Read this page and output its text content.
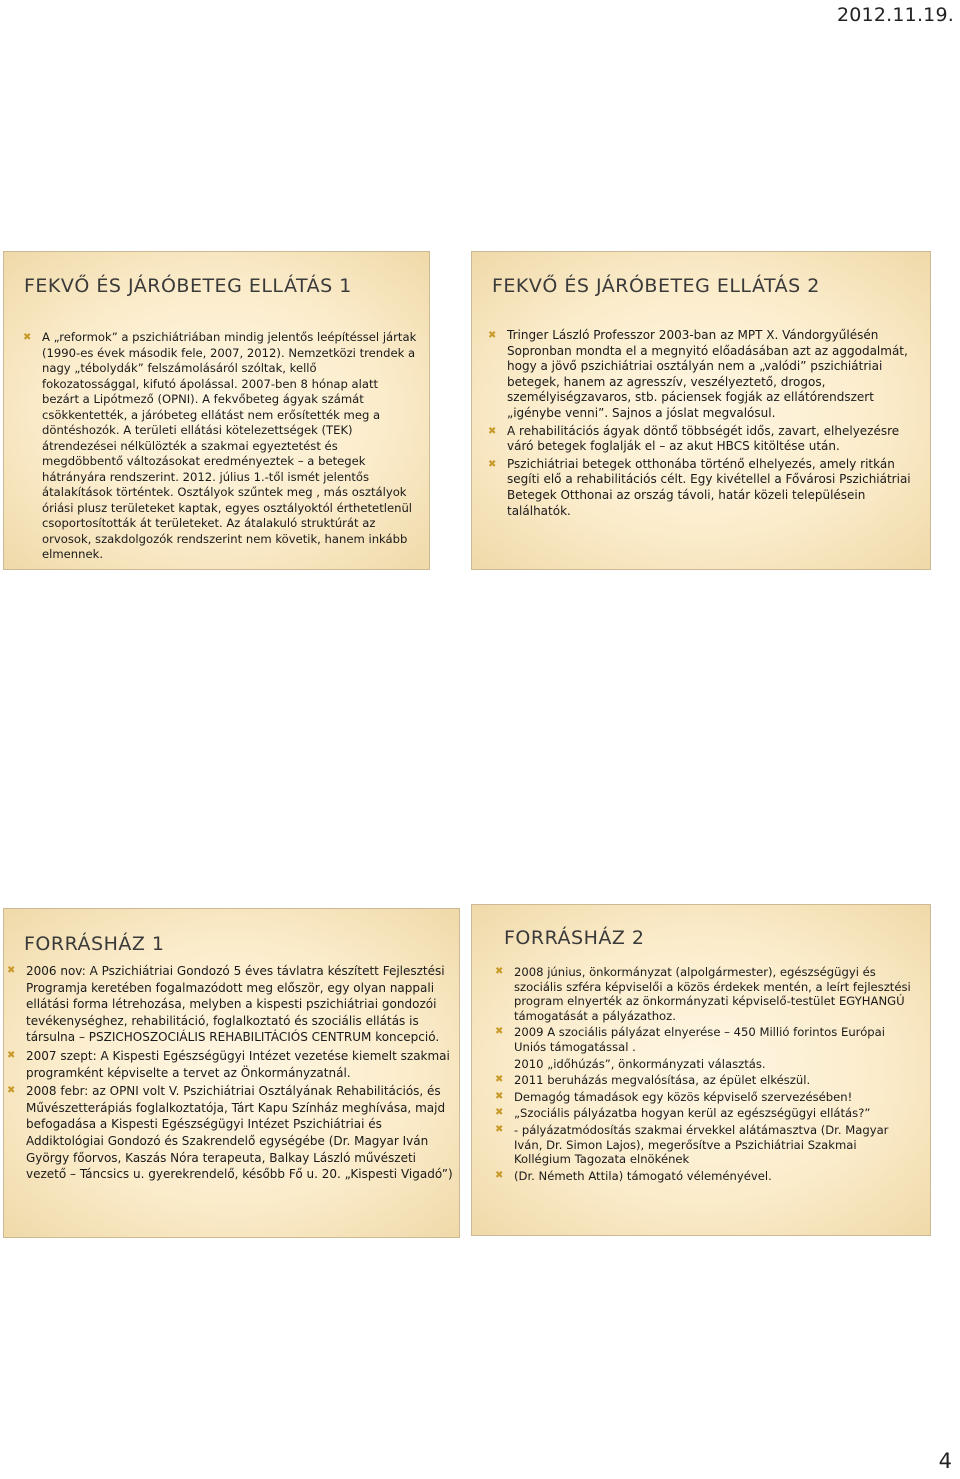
2012.11.19.
FEKVŐ ÉS JÁRÓBETEG ELLÁTÁS 1
✖ A „reformok” a pszichiátriában mindig jelentős leépítéssel jártak (1990-es évek második fele, 2007, 2012). Nemzetközi trendek a nagy „tébolydák” felszámolásáról szóltak, kellő fokozatossággal, kifutó ápolással. 2007-ben 8 hónap alatt bezárt a Lipótmező (OPNI). A fekvőbeteg ágyak számát csökkentették, a járóbeteg ellátást nem erősítették meg a döntéshozók. A területi ellátási kötelezettségek (TEK) átrendezései nélkülözték a szakmai egyeztetést és megdöbbentő változásokat eredményeztek – a betegek hátrányára rendszerint. 2012. július 1.-től ismét jelentős átalakítások történtek. Osztályok szűntek meg , más osztályok óriási plusz területeket kaptak, egyes osztályoktól érthetetlenül csoportosították át területeket. Az átalakuló struktúrát az orvosok, szakdolgozók rendszerint nem követik, hanem inkább elmennek.
FEKVŐ ÉS JÁRÓBETEG ELLÁTÁS 2
✖ Tringer László Professzor 2003-ban az MPT X. Vándorgyűlésén Sopronban mondta el a megnyitó előadásában azt az aggodalmát, hogy a jövő pszichiátriai osztályán nem a „valódi” pszichiátriai betegek, hanem az agresszív, veszélyeztető, drogos, személyiségzavaros, stb. páciensek fogják az ellátórendszert „igénybe venni”. Sajnos a jóslat megvalósul.
✖ A rehabilitációs ágyak döntő többségét idős, zavart, elhelyezésre váró betegek foglalják el – az akut HBCS kitöltése után.
✖ Pszichiátriai betegek otthonába történő elhelyezés, amely ritkán segíti elő a rehabilitációs célt. Egy kivétellel a Fővárosi Pszichiátriai Betegek Otthonai az ország távoli, határ közeli településein találhatók.
FORRÁSHÁZ 1
✖ 2006 nov: A Pszichiátriai Gondozó 5 éves távlatra készített Fejlesztési Programja keretében fogalmazódott meg először, egy olyan nappali ellátási forma létrehozása, melyben a kispesti pszichiátriai gondozói tevékenységhez, rehabilitáció, foglalkoztató és szociális ellátás is társulna – PSZICHOSZOCIÁLIS REHABILITÁCIÓS CENTRUM koncepció.
✖ 2007 szept: A Kispesti Egészségügyi Intézet vezetése kiemelt szakmai programként képviselte a tervet az Önkormányzatnál.
✖ 2008 febr: az OPNI volt V. Pszichiátriai Osztályának Rehabilitációs, és Művészetterápiás foglalkoztatója, Tárt Kapu Színház meghívása, majd befogadása a Kispesti Egészségügyi Intézet Pszichiátriai és Addiktológiai Gondozó és Szakrendelő egységébe (Dr. Magyar Iván György főorvos, Kaszás Nóra terapeuta, Balkay László művészeti vezető – Táncsics u. gyerekrendelő, később Fő u. 20. „Kispesti Vigadó”)
FORRÁSHÁZ 2
✖ 2008 június, önkormányzat (alpolgármester), egészségügyi és szociális szféra képviselői a közös érdekek mentén, a leírt fejlesztési program elnyerték az önkormányzati képviselő-testület EGYHANGÚ támogatását a pályázathoz.
✖ 2009 A szociális pályázat elnyerése – 450 Millió forintos Európai Uniós támogatással .
2010 „időhúzás”, önkormányzati választás.
✖ 2011 beruházás megvalósítása, az épület elkészül.
✖ Demagóg támadások egy közös képviselő szervezésében!
✖ „Szociális pályázatba hogyan kerül az egészségügyi ellátás?”
✖ - pályázatmódosítás szakmai érvekkel alátámasztva (Dr. Magyar Iván, Dr. Simon Lajos), megerősítve a Pszichiátriai Szakmai Kollégium Tagozata elnökének
✖ (Dr. Németh Attila) támogató véleményével.
4
